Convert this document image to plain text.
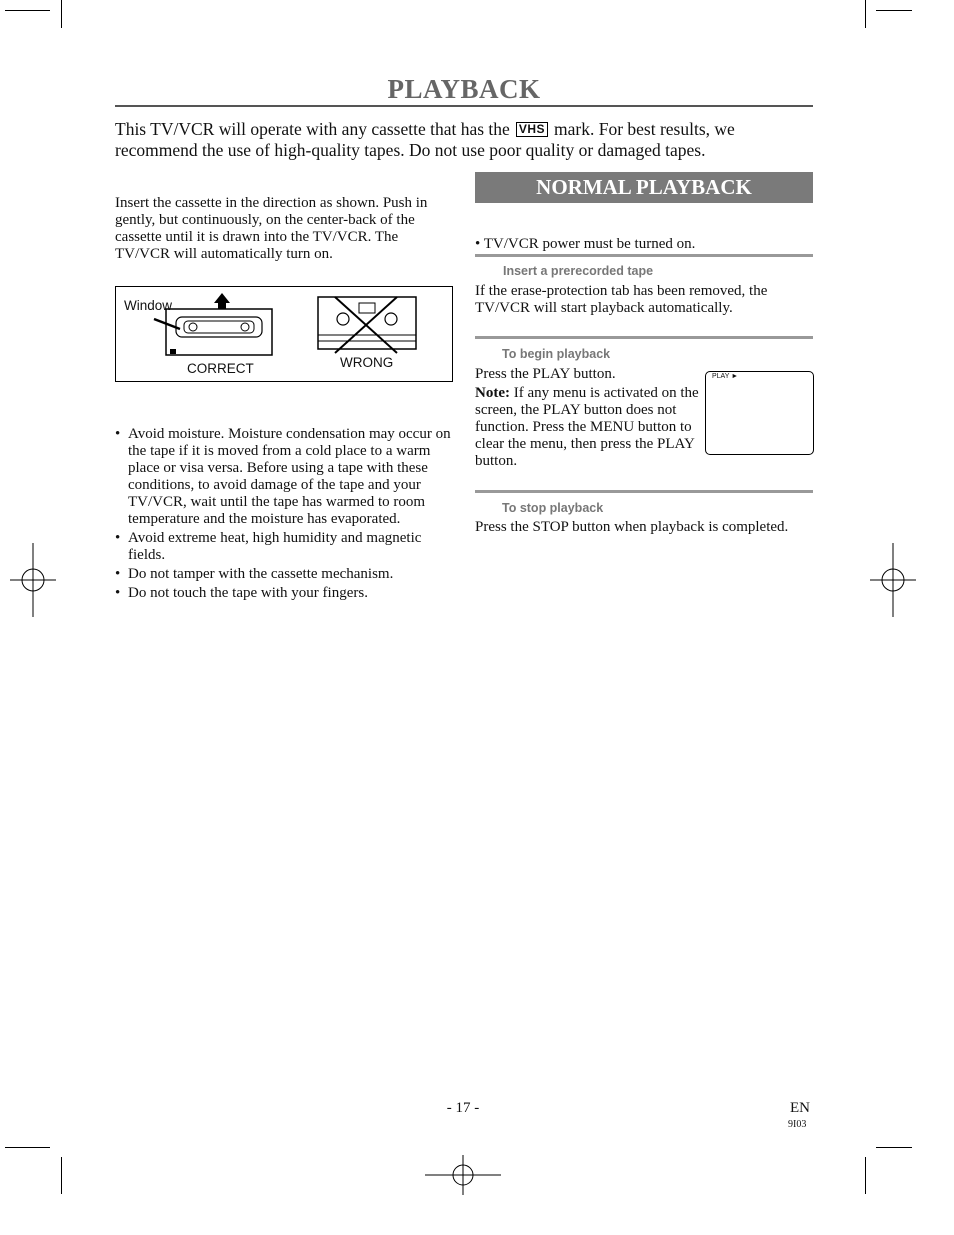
PLAYBACK
This TV/VCR will operate with any cassette that has the VHS mark. For best results, we recommend the use of high-quality tapes. Do not use poor quality or damaged tapes.
Insert the cassette in the direction as shown. Push in gently, but continuously, on the center-back of the cassette until it is drawn into the TV/VCR. The TV/VCR will automatically turn on.
Window
CORRECT	WRONG
• Avoid moisture. Moisture condensation may occur on the tape if it is moved from a cold place to a warm place or visa versa. Before using a tape with these conditions, to avoid damage of the tape and your TV/VCR, wait until the tape has warmed to room temperature and the moisture has evaporated.
• Avoid extreme heat, high humidity and magnetic fields.
• Do not tamper with the cassette mechanism.
• Do not touch the tape with your fingers.
NORMAL PLAYBACK
• TV/VCR power must be turned on.
Insert a prerecorded tape
If the erase-protection tab has been removed, the TV/VCR will start playback automatically.
To begin playback
Press the PLAY button.
Note: If any menu is activated on the screen, the PLAY button does not function. Press the MENU button to clear the menu, then press the PLAY button.
PLAY ►
To stop playback
Press the STOP button when playback is completed.
- 17 -	EN
9I03
